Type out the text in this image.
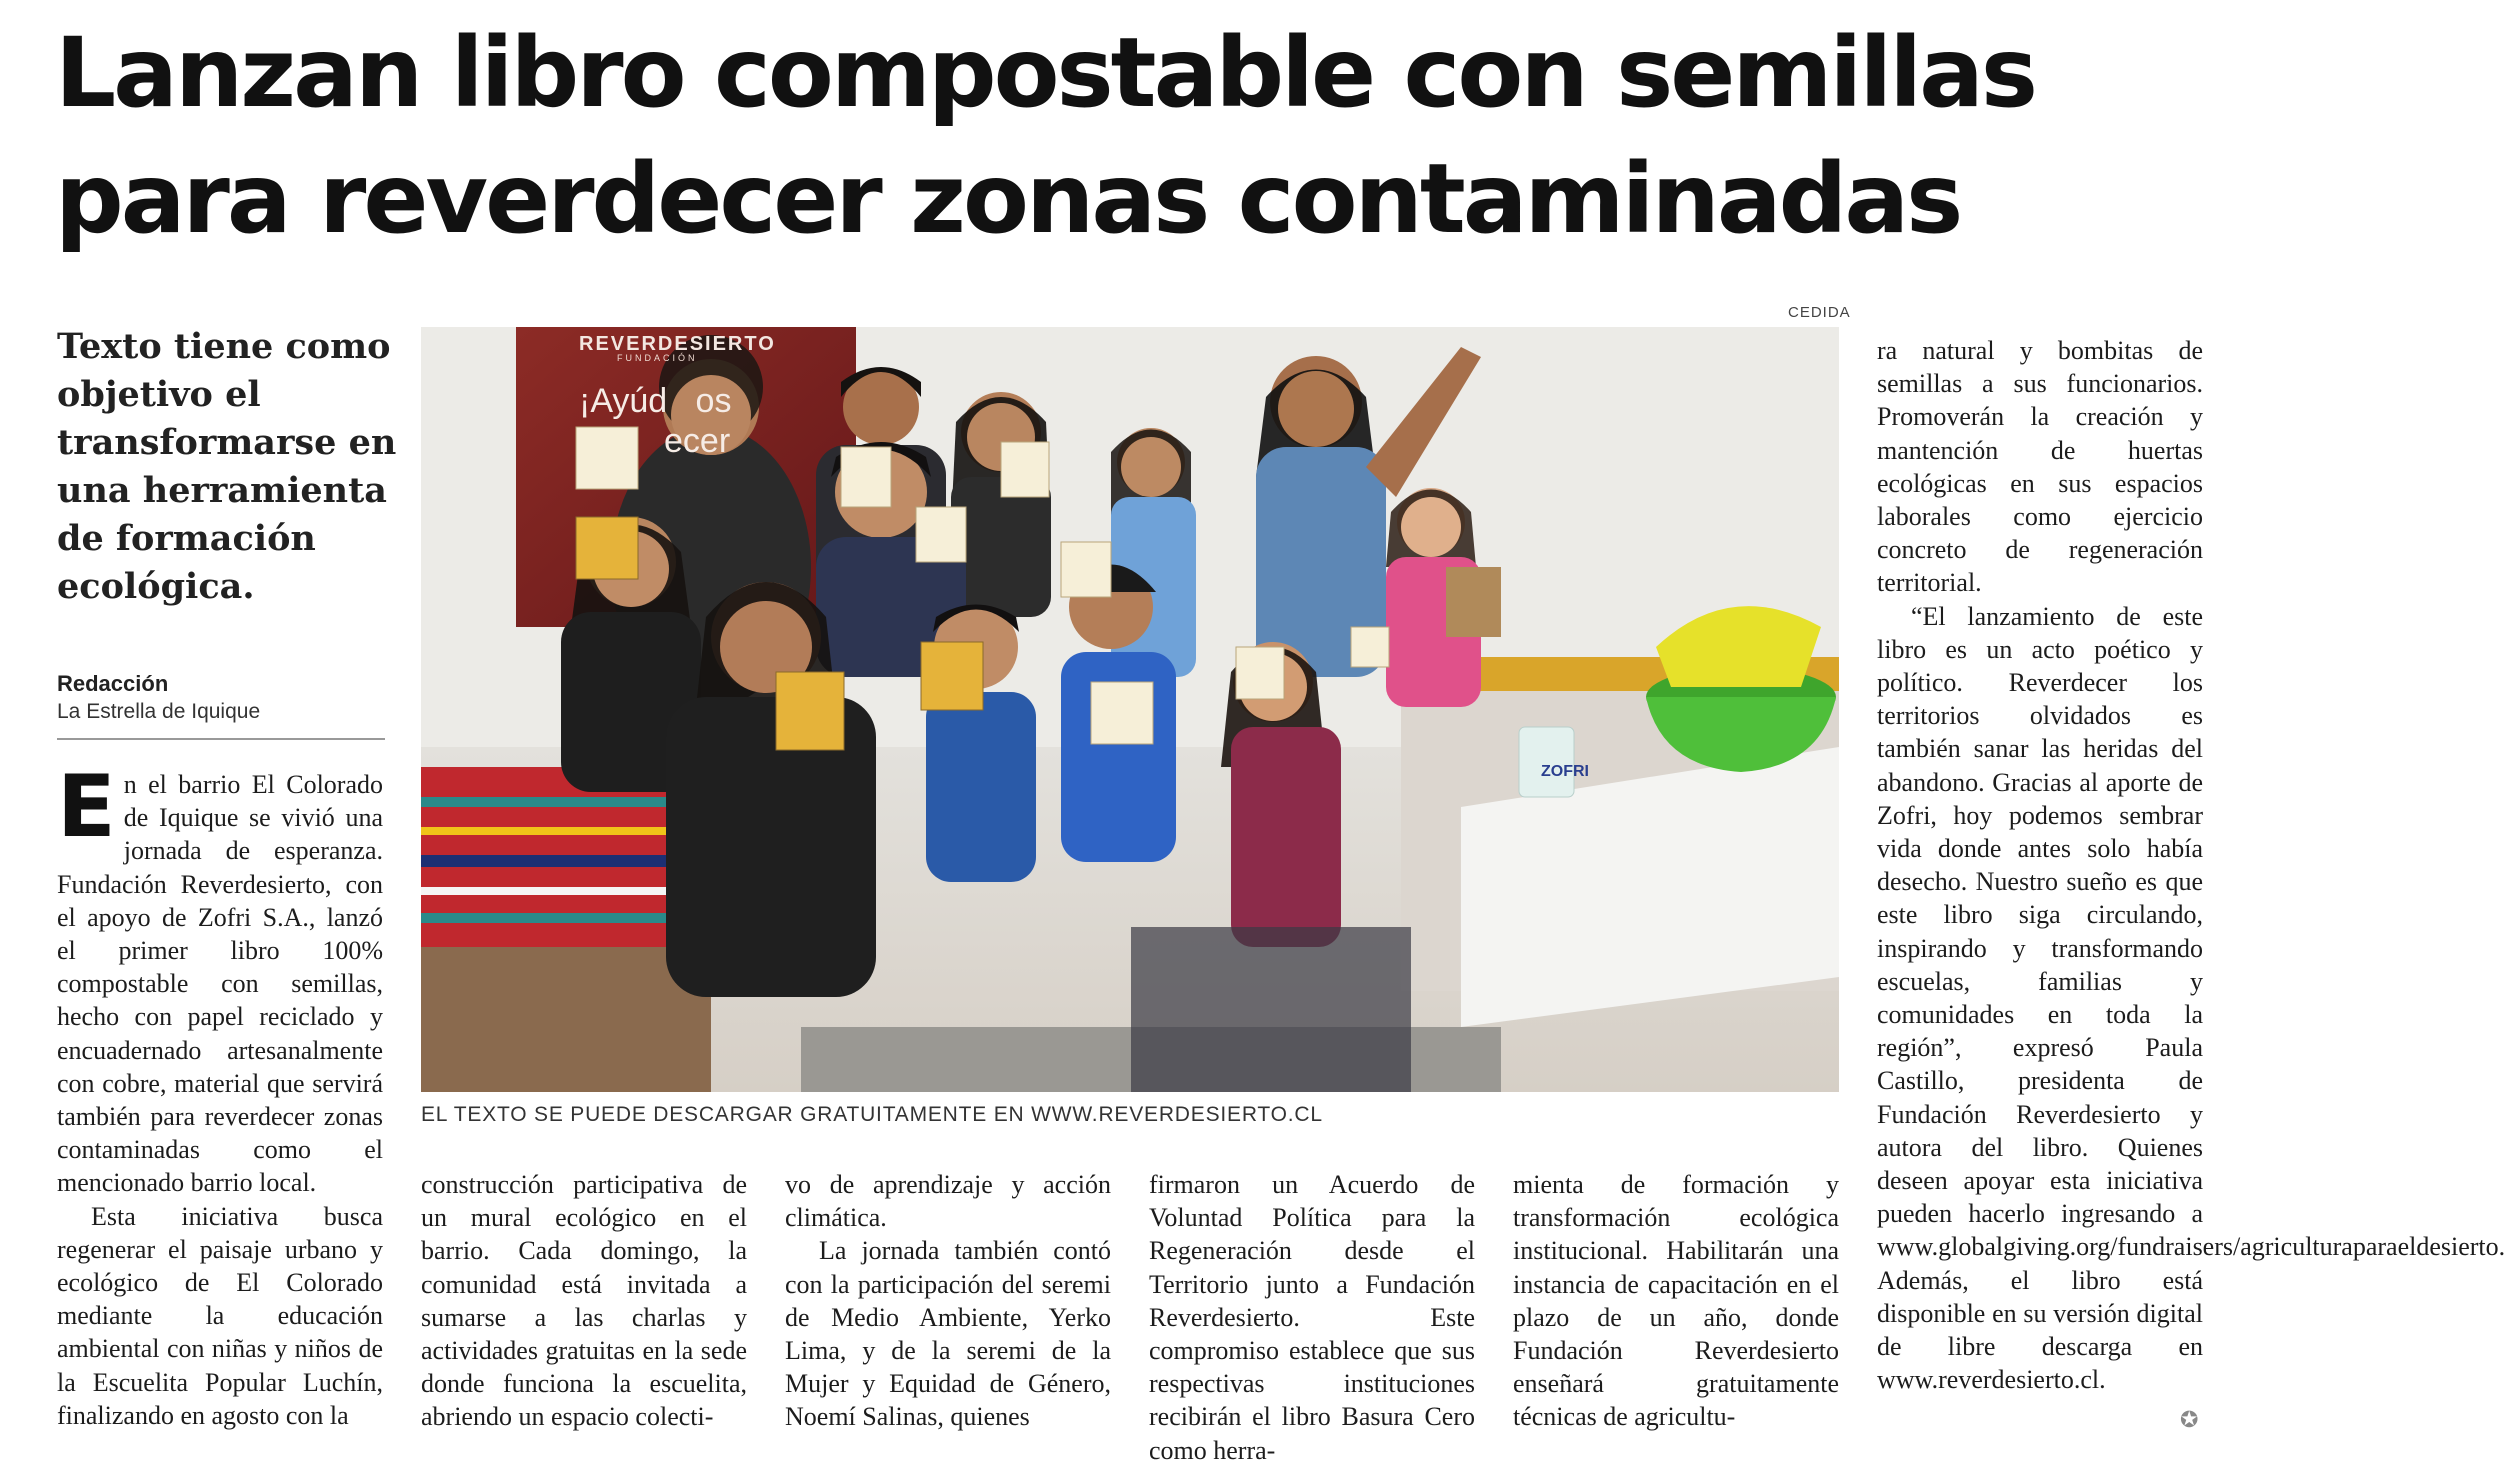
Lanzan libro compostable con semillas
para reverdecer zonas contaminadas
CEDIDA

Texto tiene como objetivo el transformarse en una herramienta de formación ecológica.

Redacción
La Estrella de Iquique
REVERDESIERTO
FUNDACIÓN
¡Ayúd   os
ecer
ZOFRI
EL TEXTO SE PUEDE DESCARGAR GRATUITAMENTE EN WWW.REVERDESIERTO.CL

En el barrio El Colorado de Iquique se vivió una jornada de esperanza. Fundación Reverdesierto, con el apoyo de Zofri S.A., lanzó el primer libro 100% compostable con semillas, hecho con papel reciclado y encuadernado artesanalmente con cobre, material que servirá también para reverdecer zonas contaminadas como el mencionado barrio local.

Esta iniciativa busca regenerar el paisaje urbano y ecológico de El Colorado mediante la educación ambiental con niñas y niños de la Escuelita Popular Luchín, finalizando en agosto con la

construcción participativa de un mural ecológico en el barrio. Cada domingo, la comunidad está invitada a sumarse a las charlas y actividades gratuitas en la sede donde funciona la escuelita, abriendo un espacio colecti-

vo de aprendizaje y acción climática.

La jornada también contó con la participación del seremi de Medio Ambiente, Yerko Lima, y de la seremi de la Mujer y Equidad de Género, Noemí Salinas, quienes

firmaron un Acuerdo de Voluntad Política para la Regeneración desde el Territorio junto a Fundación Reverdesierto. Este compromiso establece que sus respectivas instituciones recibirán el libro Basura Cero como herra-

mienta de formación y transformación ecológica institucional. Habilitarán una instancia de capacitación en el plazo de un año, donde Fundación Reverdesierto enseñará gratuitamente técnicas de agricultu-

ra natural y bombitas de semillas a sus funcionarios. Promoverán la creación y mantención de huertas ecológicas en sus espacios laborales como ejercicio concreto de regeneración territorial.

“El lanzamiento de este libro es un acto poético y político. Reverdecer los territorios olvidados es también sanar las heridas del abandono. Gracias al aporte de Zofri, hoy podemos sembrar vida donde antes solo había desecho. Nuestro sueño es que este libro siga circulando, inspirando y transformando escuelas, familias y comunidades en toda la región”, expresó Paula Castillo, presidenta de Fundación Reverdesierto y autora del libro. Quienes deseen apoyar esta iniciativa pueden hacerlo ingresando a www.globalgiving.org/fundraisers/agriculturaparaeldesierto. Además, el libro está disponible en su versión digital de libre descarga en www.reverdesierto.cl.

✪
